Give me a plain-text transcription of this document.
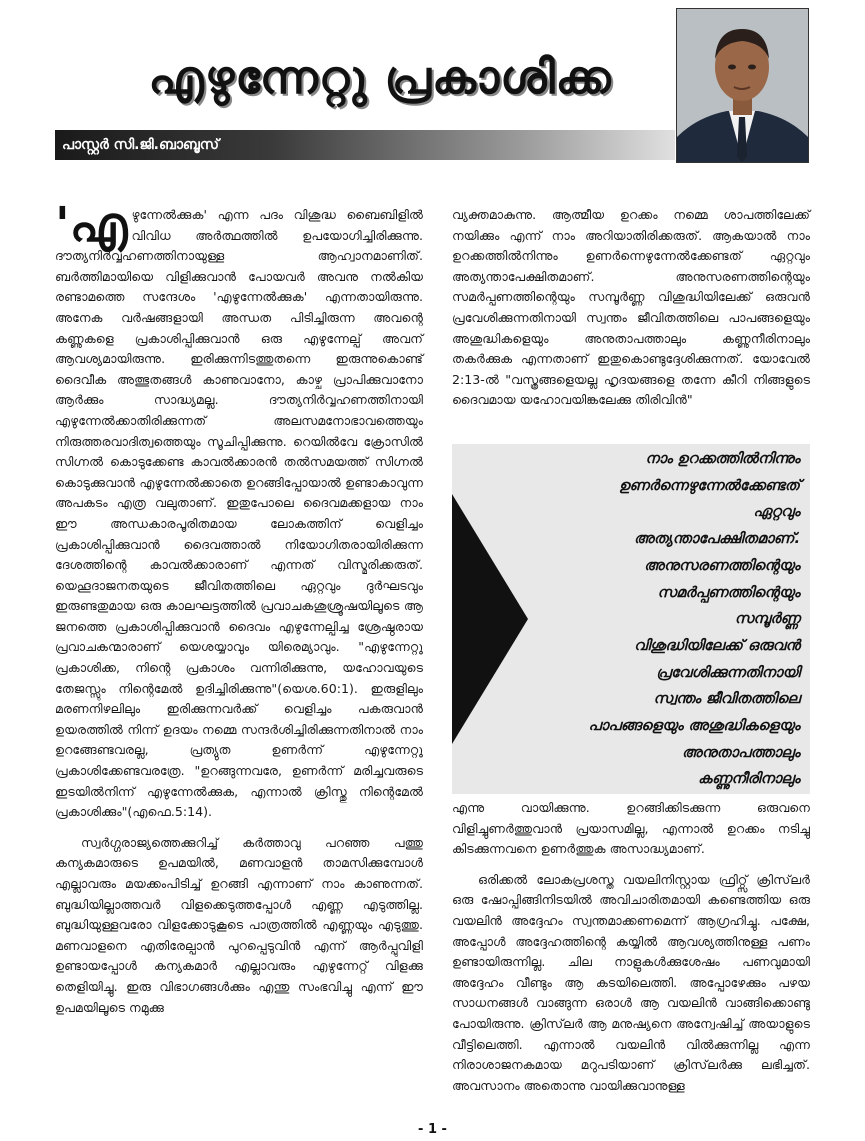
എഴുന്നേറ്റു പ്രകാശിക്ക
പാസ്റ്റർ സി.ജി.ബാബൂസ്

'എഴുന്നേൽക്കുക' എന്ന പദം വിശുദ്ധ ബൈബിളിൽ വിവിധ അർത്ഥത്തിൽ ഉപയോഗിച്ചിരിക്കുന്നു. ദൗത്യനിർവ്വഹണത്തിനായുള്ള ആഹ്വാനമാണിത്. ബർത്തിമായിയെ വിളിക്കുവാൻ പോയവർ അവനു നൽകിയ രണ്ടാമത്തെ സന്ദേശം 'എഴുന്നേൽക്കുക' എന്നതായിരുന്നു. അനേക വർഷങ്ങളായി അന്ധത പിടിച്ചിരുന്ന അവന്റെ കണ്ണുകളെ പ്രകാശിപ്പിക്കുവാൻ ഒരു എഴുന്നേല്പ് അവന് ആവശ്യമായിരുന്നു. ഇരിക്കുന്നിടത്തുതന്നെ ഇരുന്നുകൊണ്ട് ദൈവീക അത്ഭുതങ്ങൾ കാണുവാനോ, കാഴ്ച പ്രാപിക്കുവാനോ ആർക്കും സാദ്ധ്യമല്ല. ദൗത്യനിർവ്വഹണത്തിനായി എഴുന്നേൽക്കാതിരിക്കുന്നത് അലസമനോഭാവത്തെയും നിരുത്തരവാദിത്വത്തെയും സൂചിപ്പിക്കുന്നു. റെയിൽവേ ക്രോസിൽ സിഗ്നൽ കൊടുക്കേണ്ട കാവൽക്കാരൻ തൽസമയത്ത് സിഗ്നൽ കൊടുക്കുവാൻ എഴുന്നേൽക്കാതെ ഉറങ്ങിപ്പോയാൽ ഉണ്ടാകാവുന്ന അപകടം എത്ര വലുതാണ്. ഇതുപോലെ ദൈവമക്കളായ നാം ഈ അന്ധകാരപൂരിതമായ ലോകത്തിന് വെളിച്ചം പ്രകാശിപ്പിക്കുവാൻ ദൈവത്താൽ നിയോഗിതരായിരിക്കുന്ന ദേശത്തിന്റെ കാവൽക്കാരാണ് എന്നത് വിസ്മരിക്കരുത്. യെഹൂദാജനതയുടെ ജീവിതത്തിലെ ഏറ്റവും ദുർഘടവും ഇരുണ്ടതുമായ ഒരു കാലഘട്ടത്തിൽ പ്രവാചകശുശ്രൂഷയിലൂടെ ആ ജനത്തെ പ്രകാശിപ്പിക്കുവാൻ ദൈവം എഴുന്നേല്പിച്ച ശ്രേഷ്ഠരായ പ്രവാചകന്മാരാണ് യെശയ്യാവും യിരെമ്യാവും. "എഴുന്നേറ്റു പ്രകാശിക്ക, നിന്റെ പ്രകാശം വന്നിരിക്കുന്നു, യഹോവയുടെ തേജസ്സും നിന്റെമേൽ ഉദിച്ചിരിക്കുന്നു"(യെശ.60:1). ഇരുളിലും മരണനിഴലിലും ഇരിക്കുന്നവർക്ക് വെളിച്ചം പകരുവാൻ ഉയരത്തിൽ നിന്ന് ഉദയം നമ്മെ സന്ദർശിച്ചിരിക്കുന്നതിനാൽ നാം ഉറങ്ങേണ്ടവരല്ല, പ്രത്യുത ഉണർന്ന് എഴുന്നേറ്റു പ്രകാശിക്കേണ്ടവരത്രേ. "ഉറങ്ങുന്നവരേ, ഉണർന്ന് മരിച്ചവരുടെ ഇടയിൽനിന്ന് എഴുന്നേൽക്കുക, എന്നാൽ ക്രിസ്തു നിന്റെമേൽ പ്രകാശിക്കും"(എഫെ.5:14).

സ്വർഗ്ഗരാജ്യത്തെക്കുറിച്ച് കർത്താവു പറഞ്ഞ പത്തു കന്യകമാരുടെ ഉപമയിൽ, മണവാളൻ താമസിക്കുമ്പോൾ എല്ലാവരും മയക്കംപിടിച്ച് ഉറങ്ങി എന്നാണ് നാം കാണുന്നത്. ബുദ്ധിയില്ലാത്തവർ വിളക്കെടുത്തപ്പോൾ എണ്ണ എടുത്തില്ല. ബുദ്ധിയുള്ളവരോ വിളക്കോടുകൂടെ പാത്രത്തിൽ എണ്ണയും എടുത്തു. മണവാളനെ എതിരേല്പാൻ പുറപ്പെടുവിൻ എന്ന് ആർപ്പുവിളി ഉണ്ടായപ്പോൾ കന്യകമാർ എല്ലാവരും എഴുന്നേറ്റ് വിളക്കു തെളിയിച്ചു. ഇരു വിഭാഗങ്ങൾക്കും എന്തു സംഭവിച്ചു എന്ന് ഈ ഉപമയിലൂടെ നമുക്കു

വ്യക്തമാകുന്നു. ആത്മീയ ഉറക്കം നമ്മെ ശാപത്തിലേക്ക് നയിക്കും എന്ന് നാം അറിയാതിരിക്കരുത്. ആകയാൽ നാം ഉറക്കത്തിൽനിന്നും ഉണർന്നെഴുന്നേൽക്കേണ്ടത് ഏറ്റവും അത്യന്താപേക്ഷിതമാണ്. അനുസരണത്തിന്റെയും സമർപ്പണത്തിന്റെയും സമ്പൂർണ്ണ വിശുദ്ധിയിലേക്ക് ഒരുവൻ പ്രവേശിക്കുന്നതിനായി സ്വന്തം ജീവിതത്തിലെ പാപങ്ങളെയും അശുദ്ധികളെയും അനുതാപത്താലും കണ്ണുനീരിനാലും തകർക്കുക എന്നതാണ് ഇതുകൊണ്ടുദ്ദേശിക്കുന്നത്. യോവേൽ 2:13-ൽ "വസ്ത്രങ്ങളെയല്ല ഹൃദയങ്ങളെ തന്നേ കീറി നിങ്ങളുടെ ദൈവമായ യഹോവയിങ്കലേക്കു തിരിവിൻ"

നാം ഉറക്കത്തിൽനിന്നും
ഉണർന്നെഴുന്നേൽക്കേണ്ടത്
ഏറ്റവും
അത്യന്താപേക്ഷിതമാണ്.
അനുസരണത്തിന്റെയും
സമർപ്പണത്തിന്റെയും
സമ്പൂർണ്ണ
വിശുദ്ധിയിലേക്ക് ഒരുവൻ
പ്രവേശിക്കുന്നതിനായി
സ്വന്തം ജീവിതത്തിലെ
പാപങ്ങളെയും അശുദ്ധികളെയും
അനുതാപത്താലും
കണ്ണുനീരിനാലും

എന്നു വായിക്കുന്നു. ഉറങ്ങിക്കിടക്കുന്ന ഒരുവനെ വിളിച്ചുണർത്തുവാൻ പ്രയാസമില്ല, എന്നാൽ ഉറക്കം നടിച്ചു കിടക്കുന്നവനെ ഉണർത്തുക അസാദ്ധ്യമാണ്.

ഒരിക്കൽ ലോകപ്രശസ്ത വയലിനിസ്റ്റായ ഫ്രിറ്റ്സ് ക്രിസ്‌ലർ ഒരു ഷോപ്പിങ്ങിനിടയിൽ അവിചാരിതമായി കണ്ടെത്തിയ ഒരു വയലിൻ അദ്ദേഹം സ്വന്തമാക്കണമെന്ന് ആഗ്രഹിച്ചു. പക്ഷേ, അപ്പോൾ അദ്ദേഹത്തിന്റെ കയ്യിൽ ആവശ്യത്തിനുള്ള പണം ഉണ്ടായിരുന്നില്ല. ചില നാളുകൾക്കുശേഷം പണവുമായി അദ്ദേഹം വീണ്ടും ആ കടയിലെത്തി. അപ്പോഴേക്കും പഴയ സാധനങ്ങൾ വാങ്ങുന്ന ഒരാൾ ആ വയലിൻ വാങ്ങിക്കൊണ്ടു പോയിരുന്നു. ക്രിസ്‌ലർ ആ മനുഷ്യനെ അന്വേഷിച്ച് അയാളുടെ വീട്ടിലെത്തി. എന്നാൽ വയലിൻ വിൽക്കുന്നില്ല എന്ന നിരാശാജനകമായ മറുപടിയാണ് ക്രിസ്‌ലർക്കു ലഭിച്ചത്. അവസാനം അതൊന്നു വായിക്കുവാനുള്ള

- 1 -
